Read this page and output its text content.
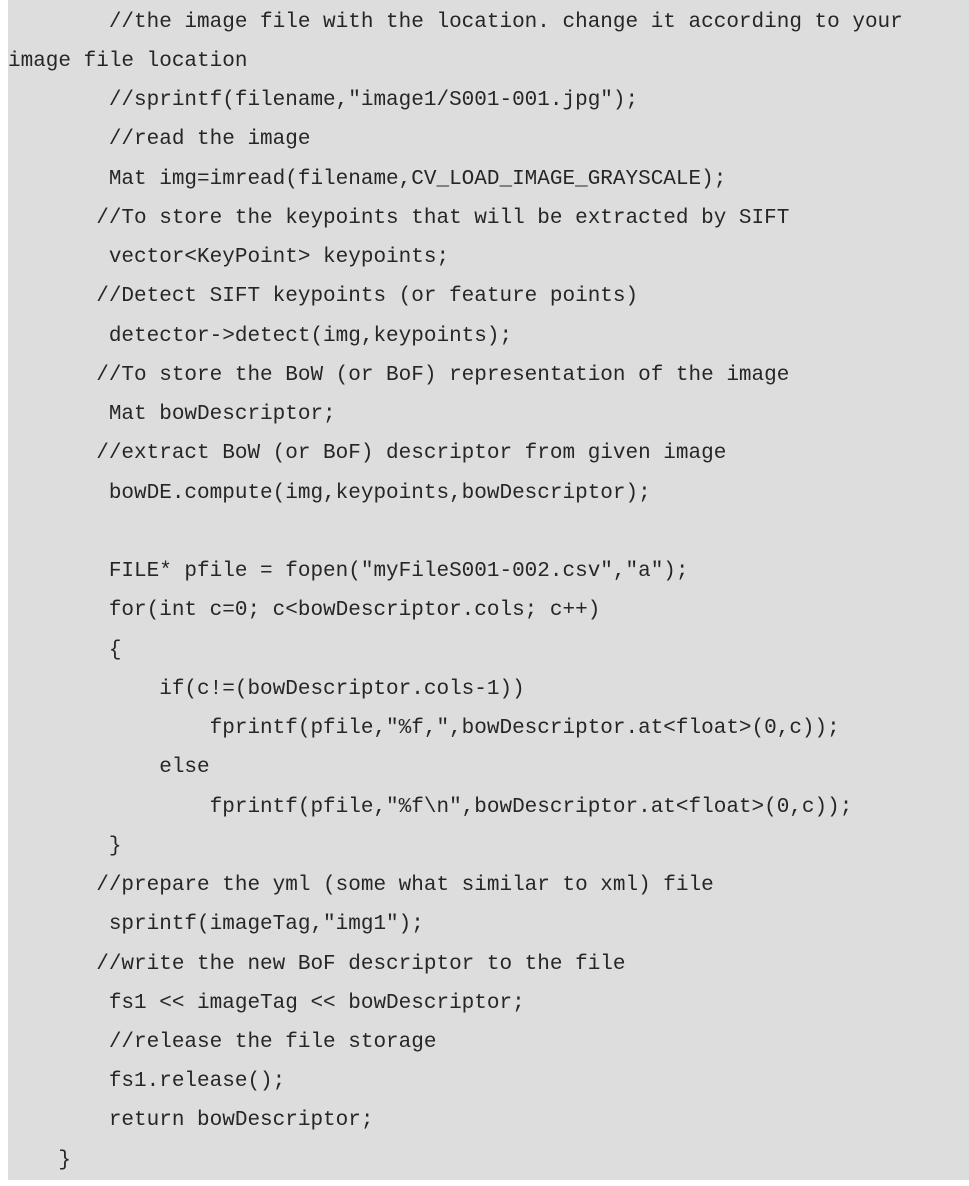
//the image file with the location. change it according to your
image file location
//sprintf(filename,"image1/S001-001.jpg");
//read the image
Mat img=imread(filename,CV_LOAD_IMAGE_GRAYSCALE);
//To store the keypoints that will be extracted by SIFT
vector<KeyPoint> keypoints;
//Detect SIFT keypoints (or feature points)
detector->detect(img,keypoints);
//To store the BoW (or BoF) representation of the image
Mat bowDescriptor;
//extract BoW (or BoF) descriptor from given image
bowDE.compute(img,keypoints,bowDescriptor);
FILE* pfile = fopen("myFileS001-002.csv","a");
for(int c=0; c<bowDescriptor.cols; c++)
{
if(c!=(bowDescriptor.cols-1))
fprintf(pfile,"%f,",bowDescriptor.at<float>(0,c));
else
fprintf(pfile,"%f\n",bowDescriptor.at<float>(0,c));
}
//prepare the yml (some what similar to xml) file
sprintf(imageTag,"img1");
//write the new BoF descriptor to the file
fs1 << imageTag << bowDescriptor;
//release the file storage
fs1.release();
return bowDescriptor;
}
